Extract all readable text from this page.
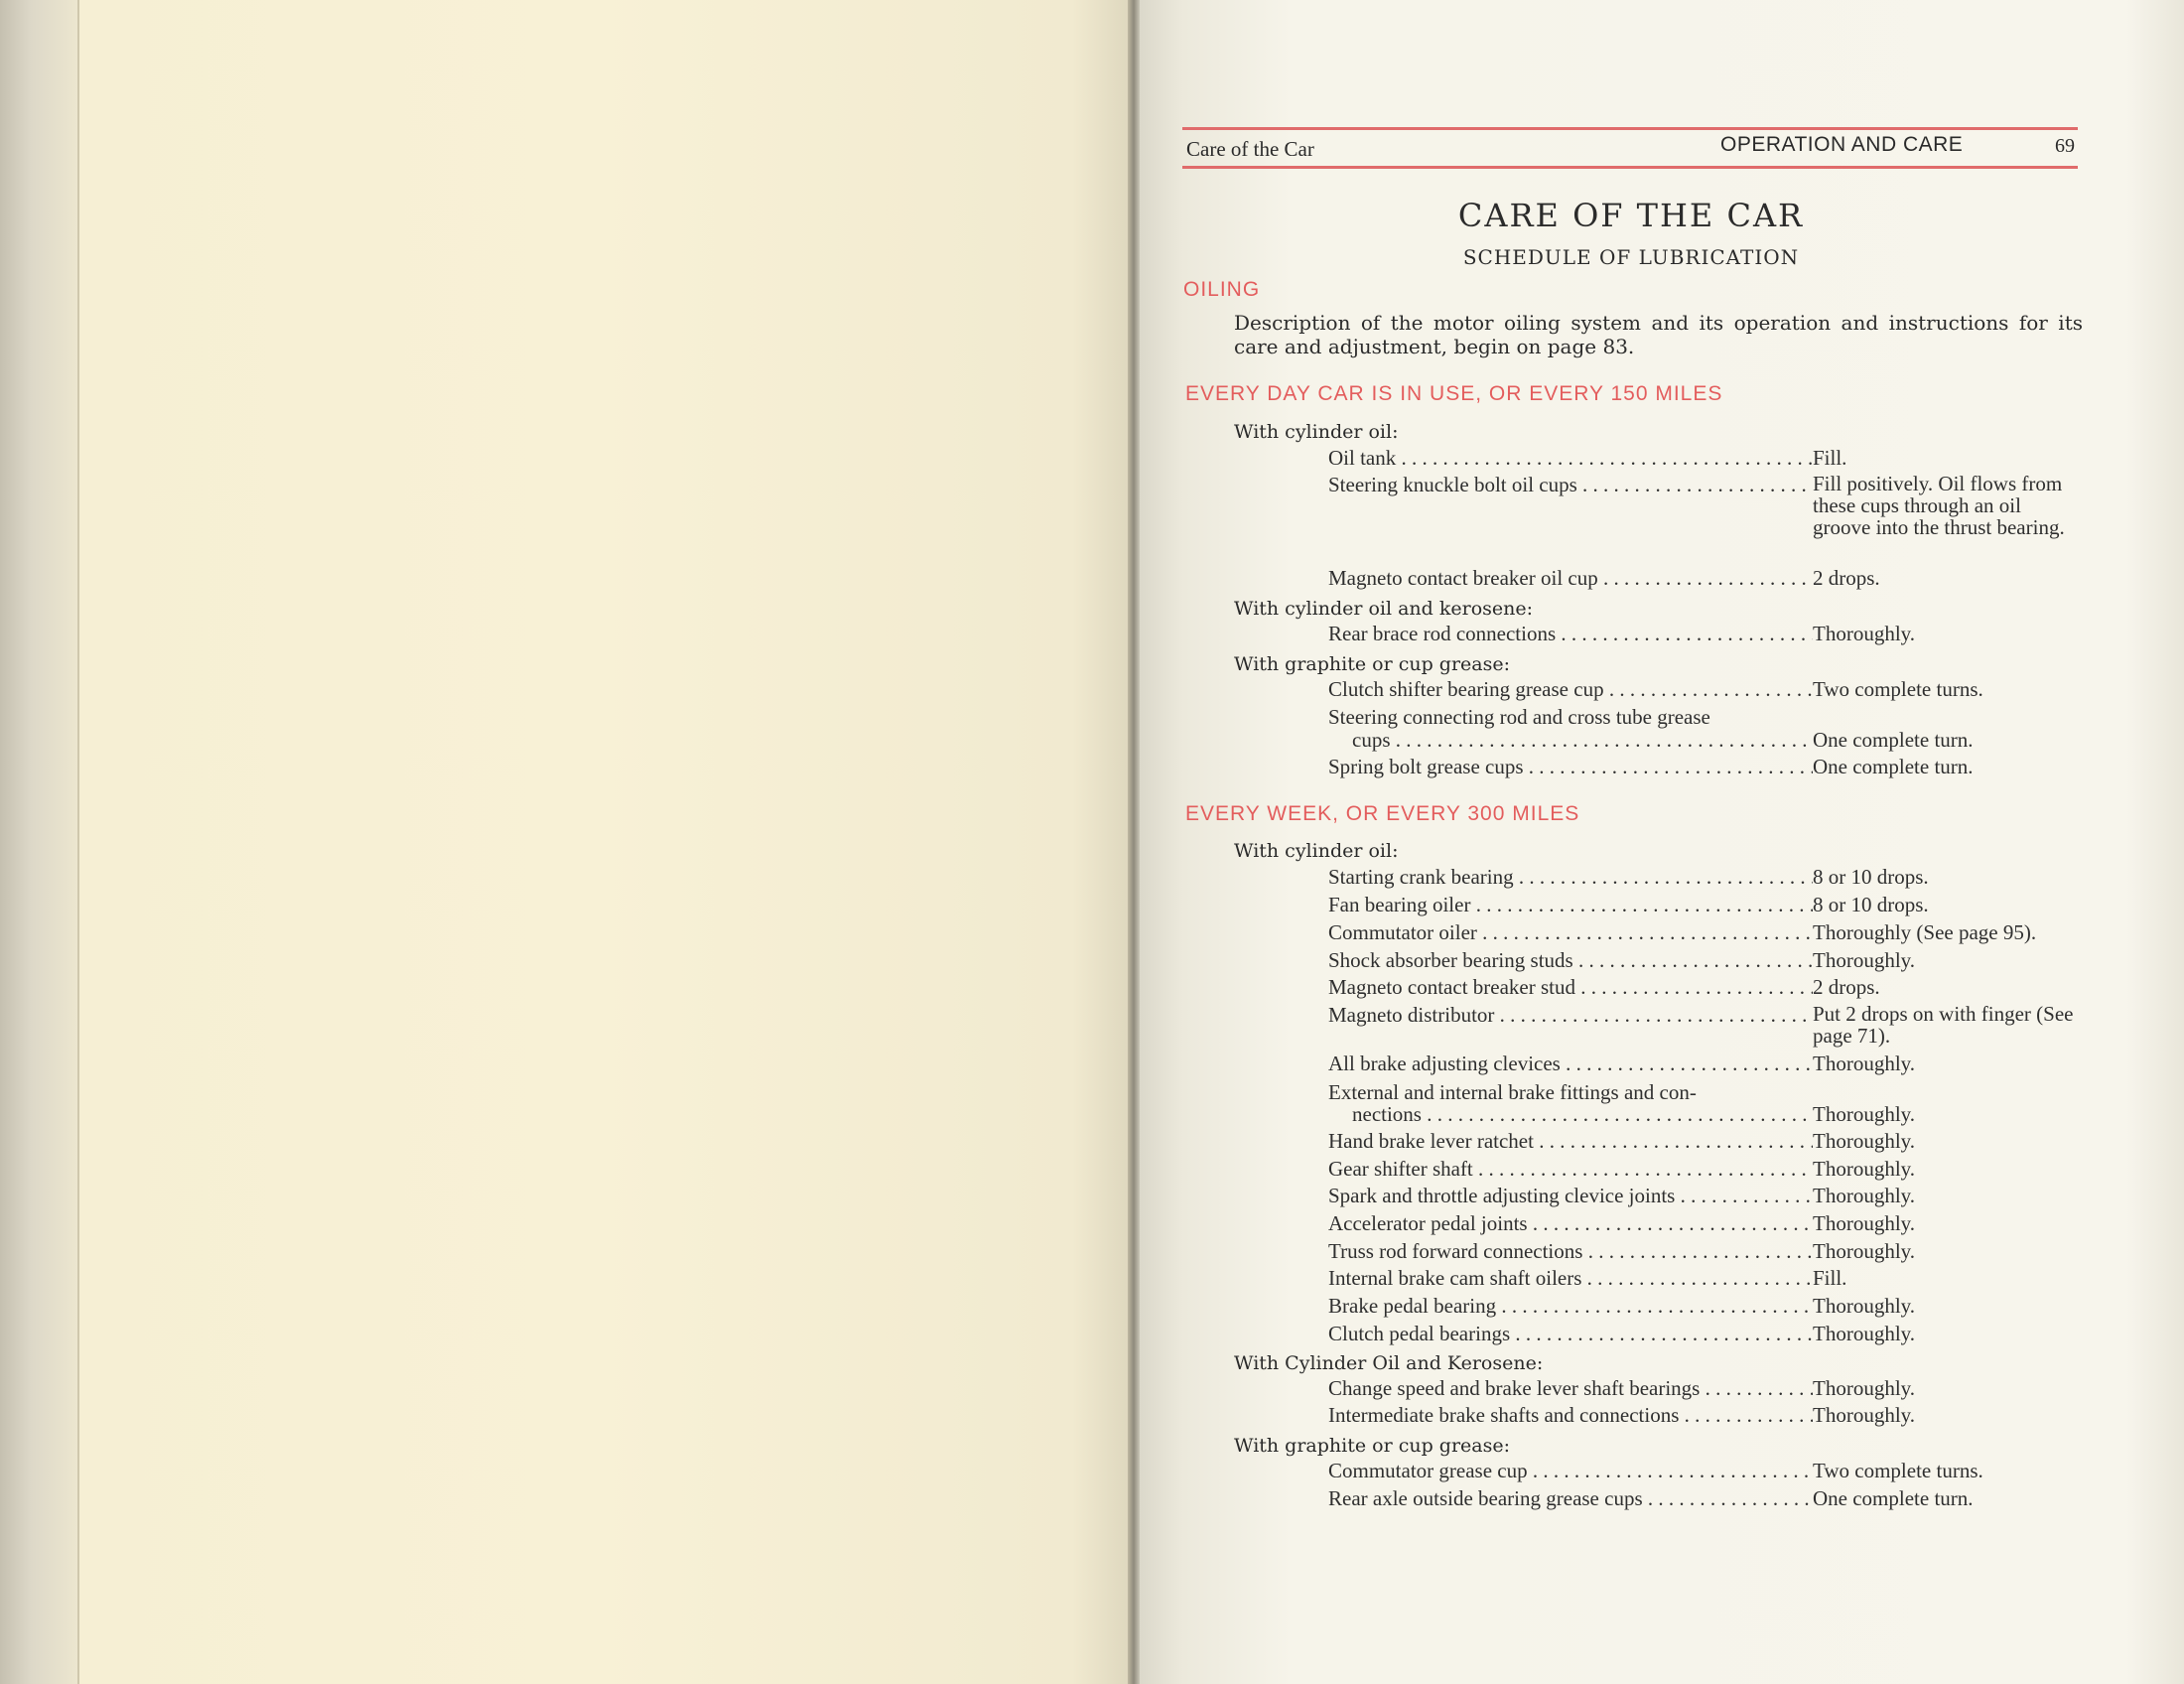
Care of the Car	OPERATION AND CARE	69
CARE OF THE CAR
SCHEDULE OF LUBRICATION
OILING
Description of the motor oiling system and its operation and instructions for its care and adjustment, begin on page 83.
EVERY DAY CAR IS IN USE, OR EVERY 150 MILES
With cylinder oil:
Oil tank . . .	Fill.
Steering knuckle bolt oil cups . . .	Fill positively. Oil flows from these cups through an oil groove into the thrust bearing.
Magneto contact breaker oil cup . . .	2 drops.
With cylinder oil and kerosene:
Rear brace rod connections . . .	Thoroughly.
With graphite or cup grease:
Clutch shifter bearing grease cup . . .	Two complete turns.
Steering connecting rod and cross tube grease
cups . . .	One complete turn.
Spring bolt grease cups . . .	One complete turn.
EVERY WEEK, OR EVERY 300 MILES
With cylinder oil:
Starting crank bearing . . .	8 or 10 drops.
Fan bearing oiler . . .	8 or 10 drops.
Commutator oiler . . .	Thoroughly (See page 95).
Shock absorber bearing studs . . .	Thoroughly.
Magneto contact breaker stud . . .	2 drops.
Magneto distributor . . .	Put 2 drops on with finger (See page 71).
All brake adjusting clevices . . .	Thoroughly.
External and internal brake fittings and con-
nections . . .	Thoroughly.
Hand brake lever ratchet . . .	Thoroughly.
Gear shifter shaft . . .	Thoroughly.
Spark and throttle adjusting clevice joints . . .	Thoroughly.
Accelerator pedal joints . . .	Thoroughly.
Truss rod forward connections . . .	Thoroughly.
Internal brake cam shaft oilers . . .	Fill.
Brake pedal bearing . . .	Thoroughly.
Clutch pedal bearings . . .	Thoroughly.
With Cylinder Oil and Kerosene:
Change speed and brake lever shaft bearings . . .	Thoroughly.
Intermediate brake shafts and connections . . .	Thoroughly.
With graphite or cup grease:
Commutator grease cup . . .	Two complete turns.
Rear axle outside bearing grease cups . . .	One complete turn.
